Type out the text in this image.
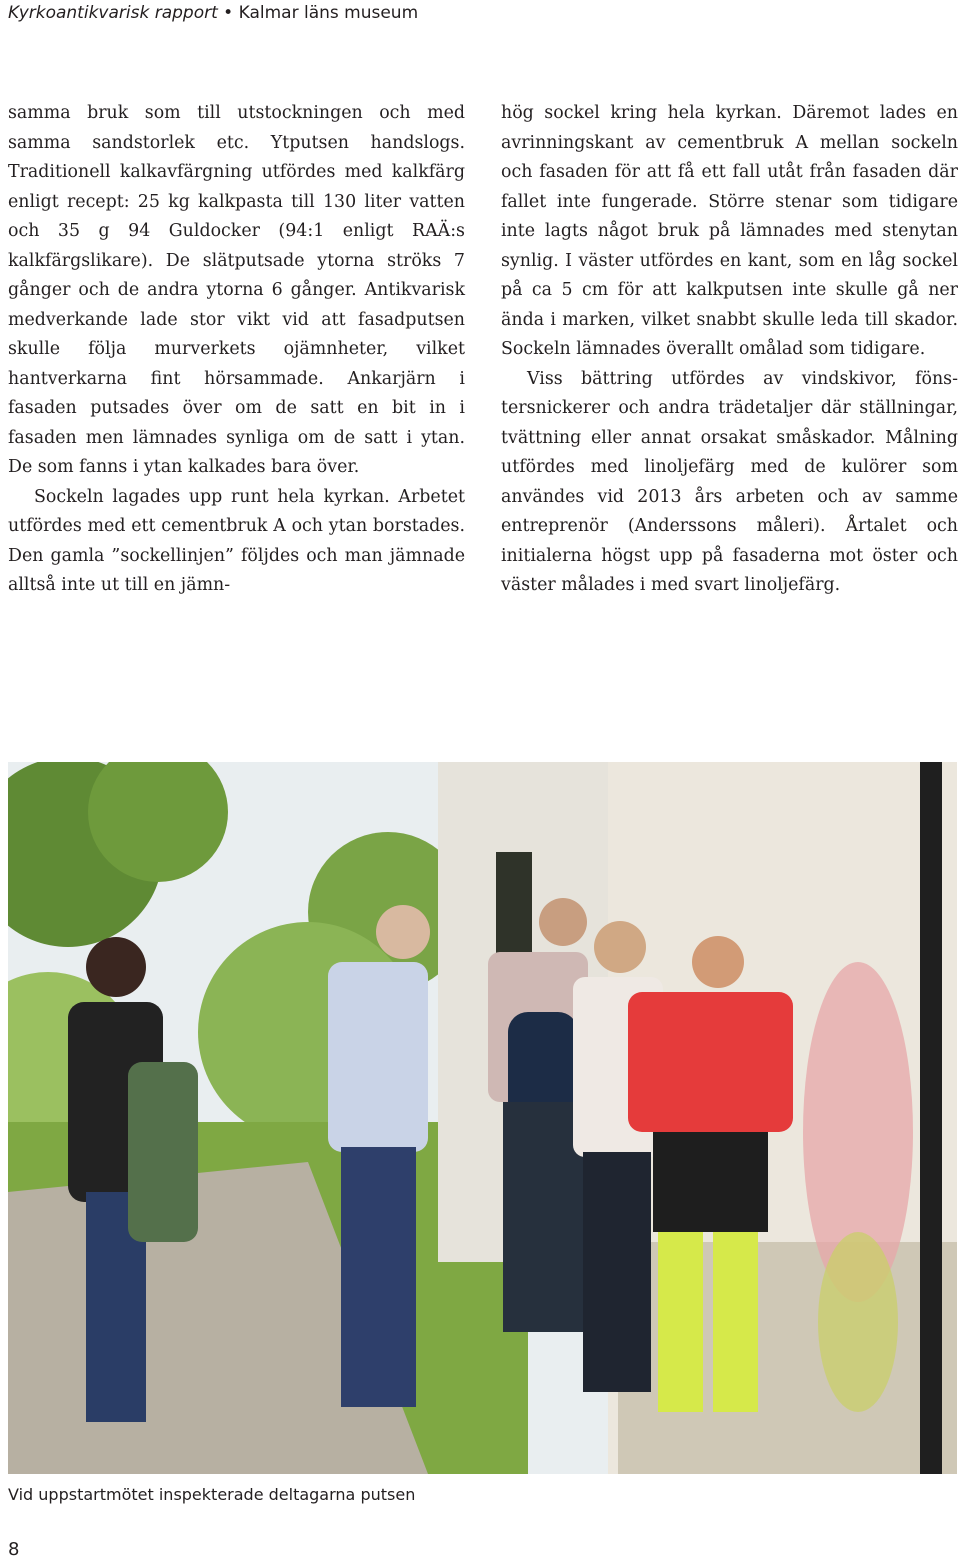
Kyrkoantikvarisk rapport • Kalmar läns museum

samma bruk som till utstockningen och med samma sandstorlek etc. Ytputsen handslogs. Traditionell kalkavfärgning utfördes med kalkfärg enligt recept: 25 kg kalkpasta till 130 liter vatten och 35 g 94 Guldocker (94:1 enligt RAÄ:s kalkfärgslikare). De slätputsade ytorna ströks 7 gånger och de andra ytorna 6 gånger. Antikvarisk medverkande lade stor vikt vid att fasadputsen skulle följa murverkets ojämnheter, vilket hantverkarna fint hörsammade. Ankarjärn i fasaden putsades över om de satt en bit in i fasaden men lämnades synliga om de satt i ytan. De som fanns i ytan kalkades bara över.

Sockeln lagades upp runt hela kyrkan. Arbetet utfördes med ett cementbruk A och ytan borstades. Den gamla ”sockellinjen” följdes och man jämnade alltså inte ut till en jämn-

hög sockel kring hela kyrkan. Däremot lades en avrinningskant av cementbruk A mellan sockeln och fasaden för att få ett fall utåt från fasaden där fallet inte fungerade. Större stenar som tidigare inte lagts något bruk på lämnades med stenytan synlig. I väster utfördes en kant, som en låg sockel på ca 5 cm för att kalkputsen inte skulle gå ner ända i marken, vilket snabbt skulle leda till skador. Sockeln lämnades överallt omålad som tidigare.

Viss bättring utfördes av vindskivor, fönstersnickerer och andra trädetaljer där ställningar, tvättning eller annat orsakat småskador. Målning utfördes med linoljefärg med de kulörer som användes vid 2013 års arbeten och av samme entreprenör (Anderssons måleri). Årtalet och initialerna högst upp på fasaderna mot öster och väster målades i med svart linoljefärg.

Vid uppstartmötet inspekterade deltagarna putsen
8
